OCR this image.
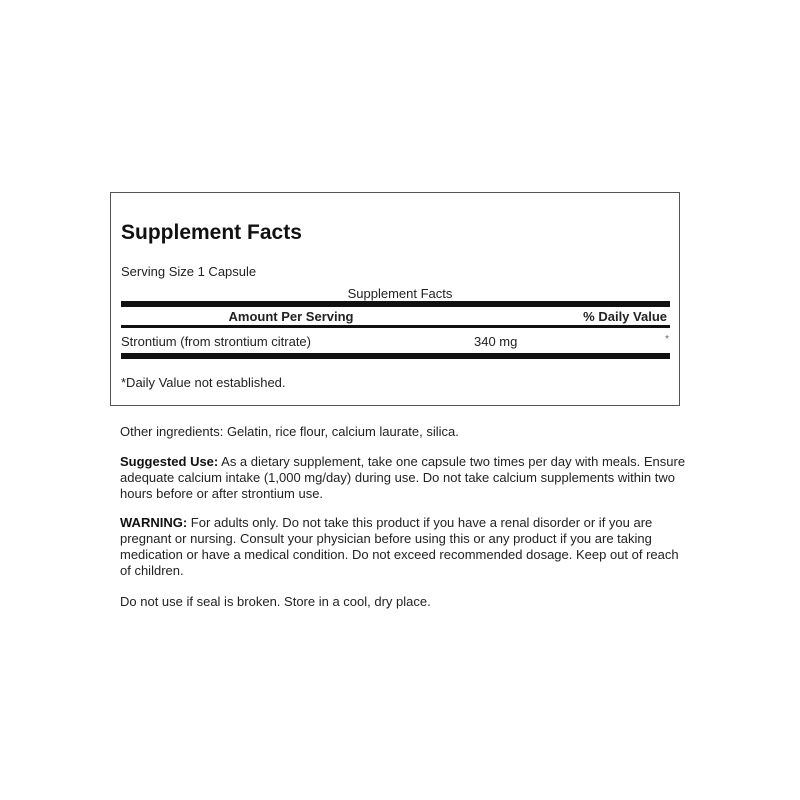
Supplement Facts
Serving Size 1 Capsule
Supplement Facts
Amount Per Serving	% Daily Value
Strontium (from strontium citrate)	340 mg	*
*Daily Value not established.

Other ingredients: Gelatin, rice flour, calcium laurate, silica.

Suggested Use: As a dietary supplement, take one capsule two times per day with meals. Ensure adequate calcium intake (1,000 mg/day) during use. Do not take calcium supplements within two hours before or after strontium use.

WARNING: For adults only. Do not take this product if you have a renal disorder or if you are pregnant or nursing. Consult your physician before using this or any product if you are taking medication or have a medical condition. Do not exceed recommended dosage. Keep out of reach of children.

Do not use if seal is broken. Store in a cool, dry place.
